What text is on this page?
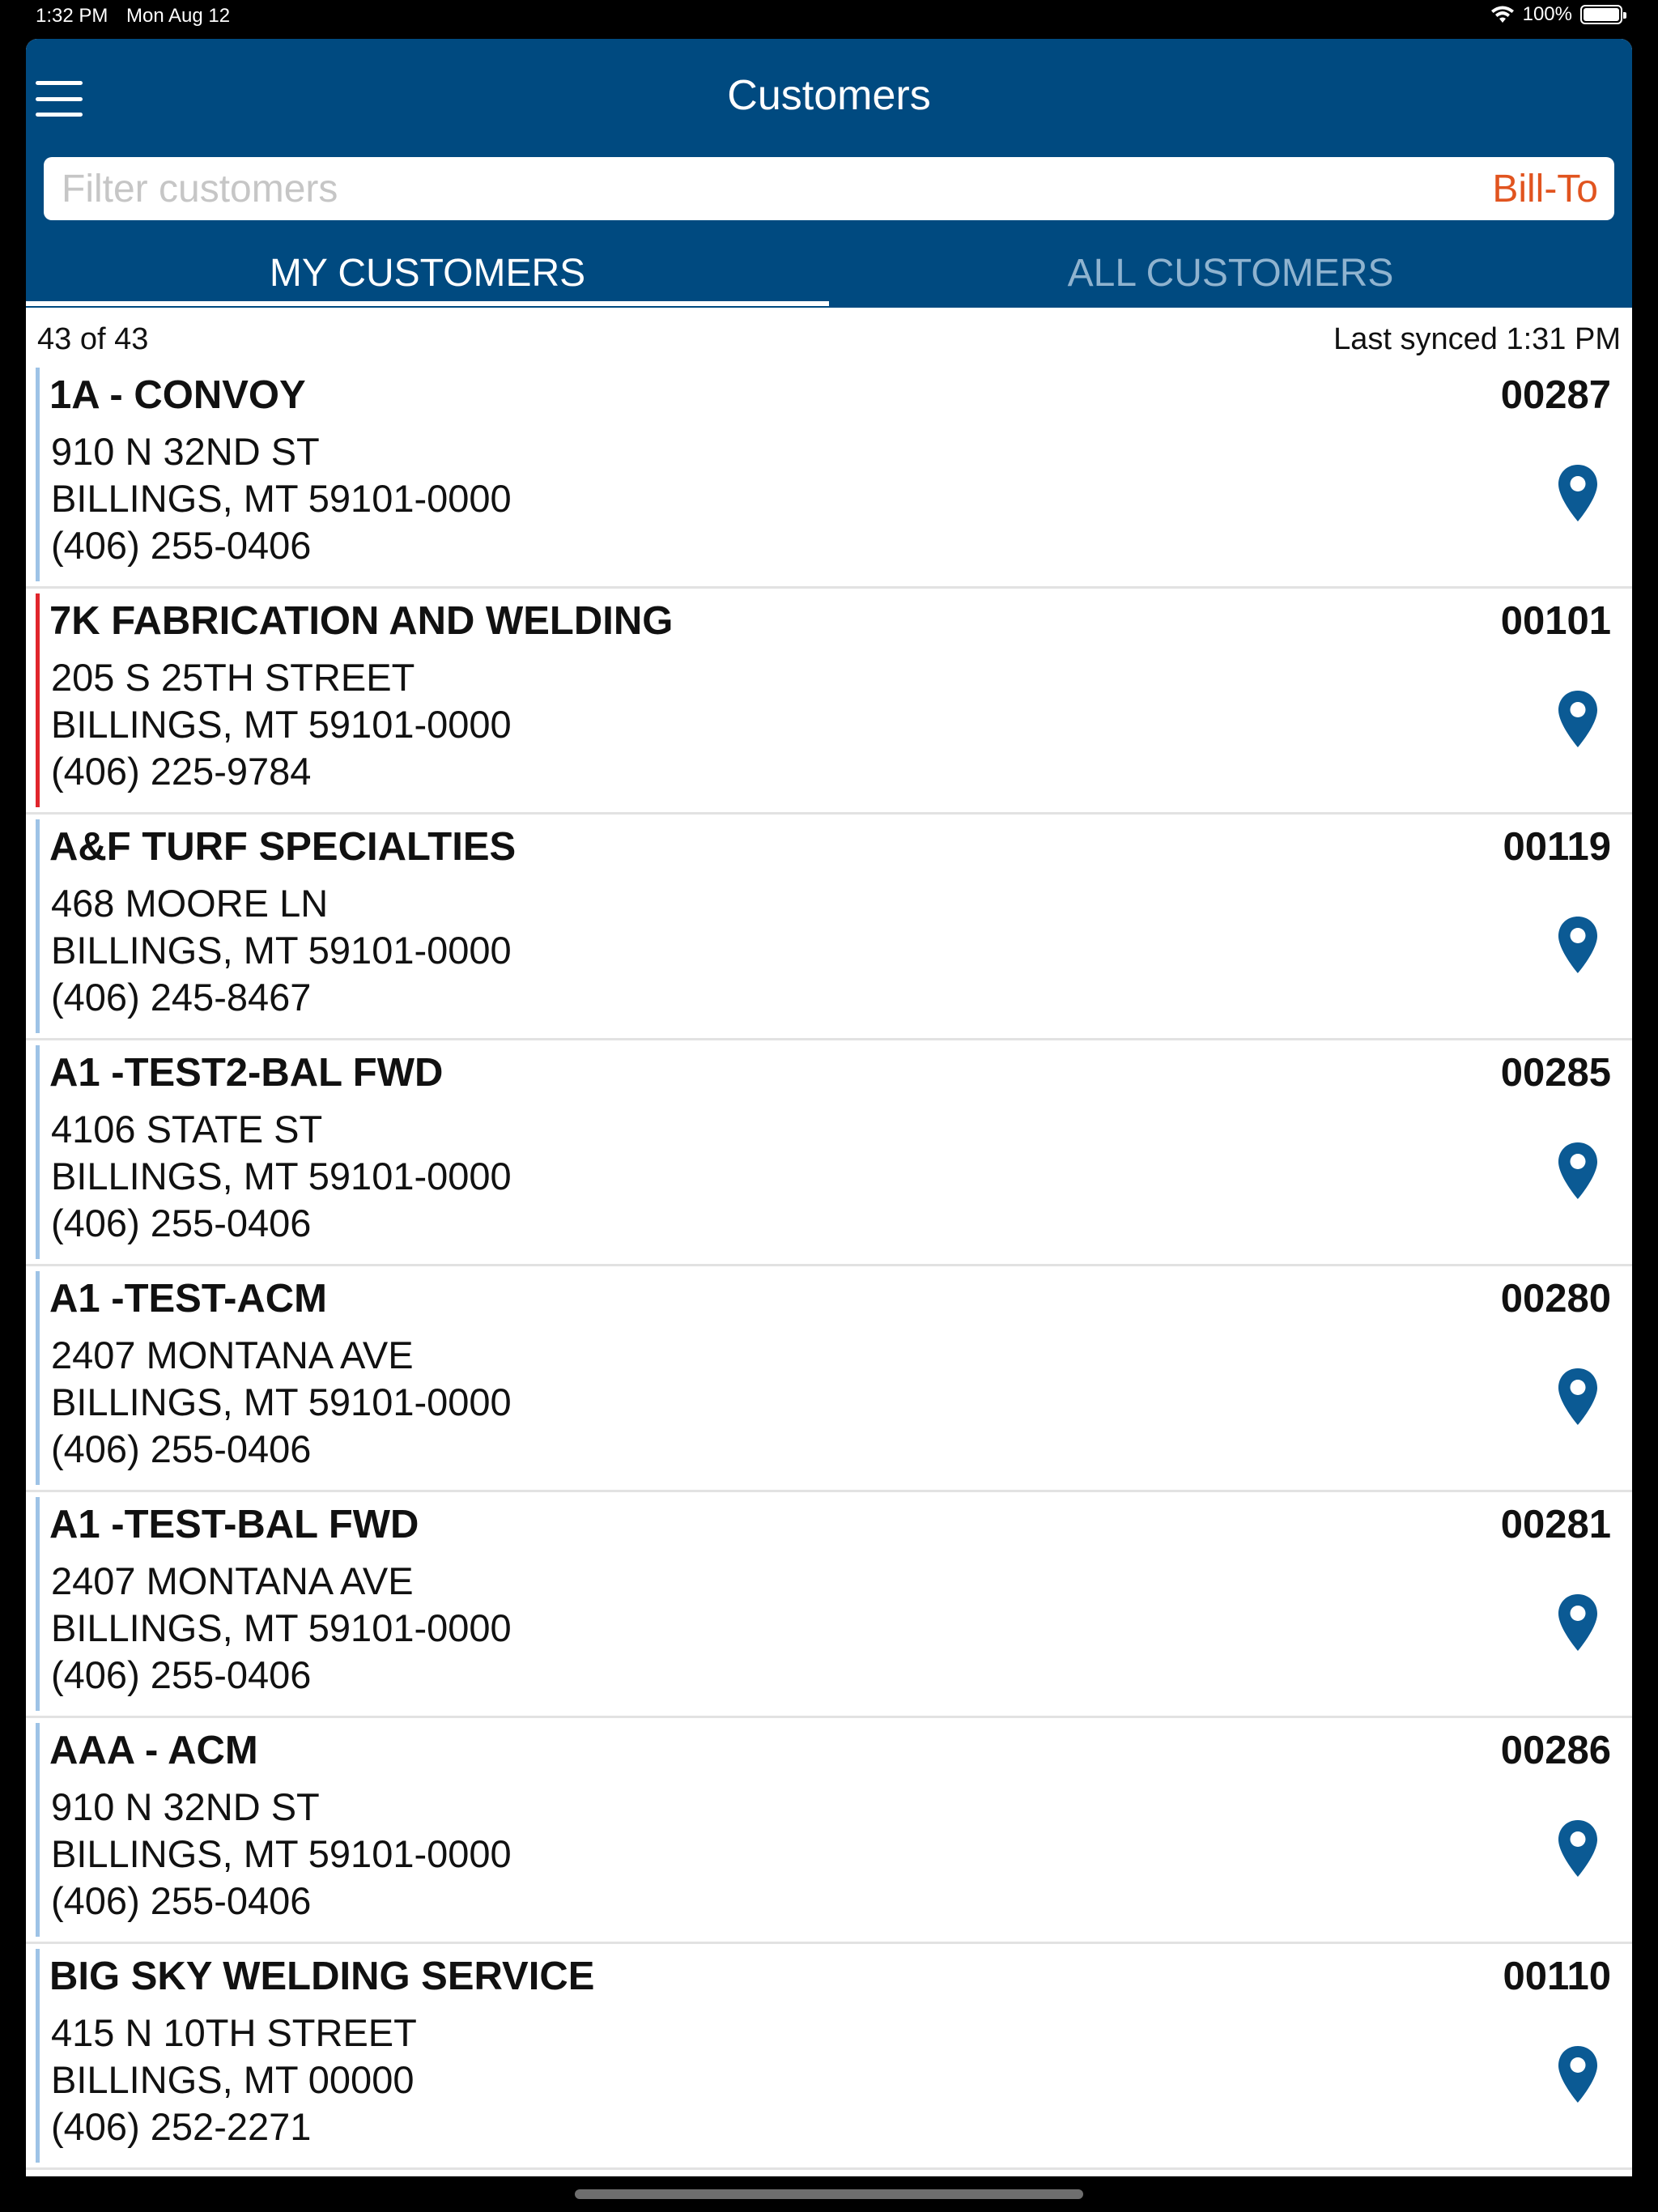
1:32 PM Mon Aug 12	100%
Customers
Filter customers
Bill-To
MY CUSTOMERS	ALL CUSTOMERS
43 of 43	Last synced 1:31 PM
1A - CONVOY	00287
910 N 32ND ST
BILLINGS, MT 59101-0000
(406) 255-0406
7K FABRICATION AND WELDING	00101
205 S 25TH STREET
BILLINGS, MT 59101-0000
(406) 225-9784
A&F TURF SPECIALTIES	00119
468 MOORE LN
BILLINGS, MT 59101-0000
(406) 245-8467
A1 -TEST2-BAL FWD	00285
4106 STATE ST
BILLINGS, MT 59101-0000
(406) 255-0406
A1 -TEST-ACM	00280
2407 MONTANA AVE
BILLINGS, MT 59101-0000
(406) 255-0406
A1 -TEST-BAL FWD	00281
2407 MONTANA AVE
BILLINGS, MT 59101-0000
(406) 255-0406
AAA - ACM	00286
910 N 32ND ST
BILLINGS, MT 59101-0000
(406) 255-0406
BIG SKY WELDING SERVICE	00110
415 N 10TH STREET
BILLINGS, MT 00000
(406) 252-2271
